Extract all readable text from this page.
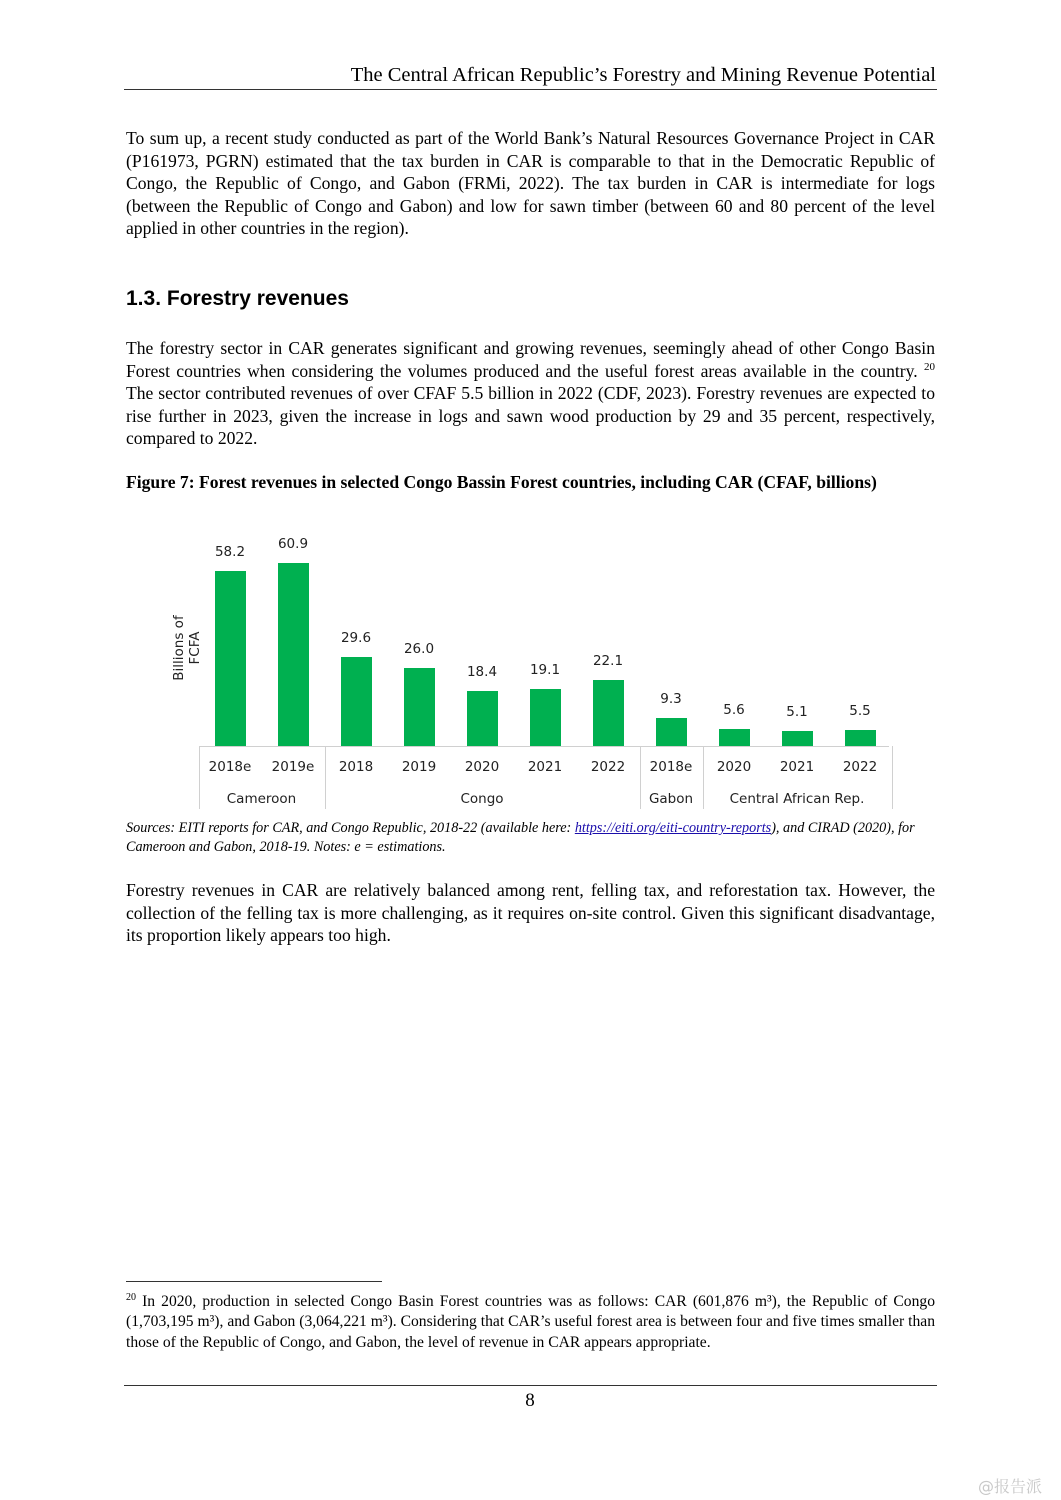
The Central African Republic’s Forestry and Mining Revenue Potential
To sum up, a recent study conducted as part of the World Bank’s Natural Resources Governance Project in CAR (P161973, PGRN) estimated that the tax burden in CAR is comparable to that in the Democratic Republic of Congo, the Republic of Congo, and Gabon (FRMi, 2022). The tax burden in CAR is intermediate for logs (between the Republic of Congo and Gabon) and low for sawn timber (between 60 and 80 percent of the level applied in other countries in the region).
1.3. Forestry revenues
The forestry sector in CAR generates significant and growing revenues, seemingly ahead of other Congo Basin Forest countries when considering the volumes produced and the useful forest areas available in the country. $^{20}$ The sector contributed revenues of over CFAF 5.5 billion in 2022 (CDF, 2023). Forestry revenues are expected to rise further in 2023, given the increase in logs and sawn wood production by 29 and 35 percent, respectively, compared to 2022.
Figure 7: Forest revenues in selected Congo Bassin Forest countries, including CAR (CFAF, billions)
Billions of FCFA
58.2
2018e
60.9
2019e
Cameroon
29.6
2018
26.0
2019
18.4
2020
19.1
2021
22.1
2022
Congo
9.3
2018e
Gabon
5.6
2020
5.1
2021
5.5
2022
Central African Rep.
Sources: EITI reports for CAR, and Congo Republic, 2018-22 (available here: https://eiti.org/eiti-country-reports), and CIRAD (2020), for Cameroon and Gabon, 2018-19. Notes: e = estimations.
Forestry revenues in CAR are relatively balanced among rent, felling tax, and reforestation tax. However, the collection of the felling tax is more challenging, as it requires on-site control. Given this significant disadvantage, its proportion likely appears too high.
$^{20}$ In 2020, production in selected Congo Basin Forest countries was as follows: CAR (601,876 m³), the Republic of Congo (1,703,195 m³), and Gabon (3,064,221 m³). Considering that CAR’s useful forest area is between four and five times smaller than those of the Republic of Congo, and Gabon, the level of revenue in CAR appears appropriate.
8
@报告派
